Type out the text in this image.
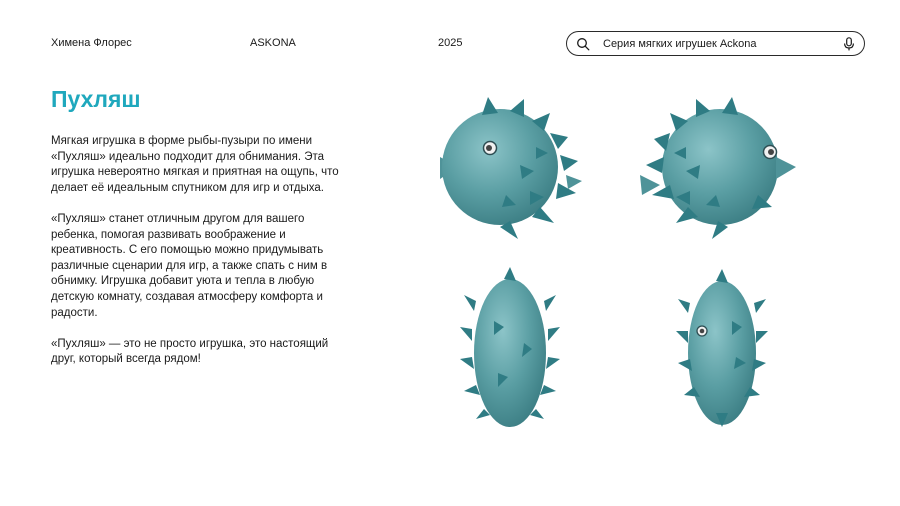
Химена Флорес	ASKONA	2025	Серия мягких игрушек Асkona
Пухляш

Мягкая игрушка в форме рыбы-пузыри по имени «Пухляш» идеально подходит для обнимания. Эта игрушка невероятно мягкая и приятная на ощупь, что делает её идеальным спутником для игр и отдыха.

«Пухляш» станет отличным другом для вашего ребенка, помогая развивать воображение и креативность. С его помощью можно придумывать различные сценарии для игр, а также спать с ним в обнимку. Игрушка добавит уюта и тепла в любую детскую комнату, создавая атмосферу комфорта и радости.

«Пухляш» — это не просто игрушка, это настоящий друг, который всегда рядом!
